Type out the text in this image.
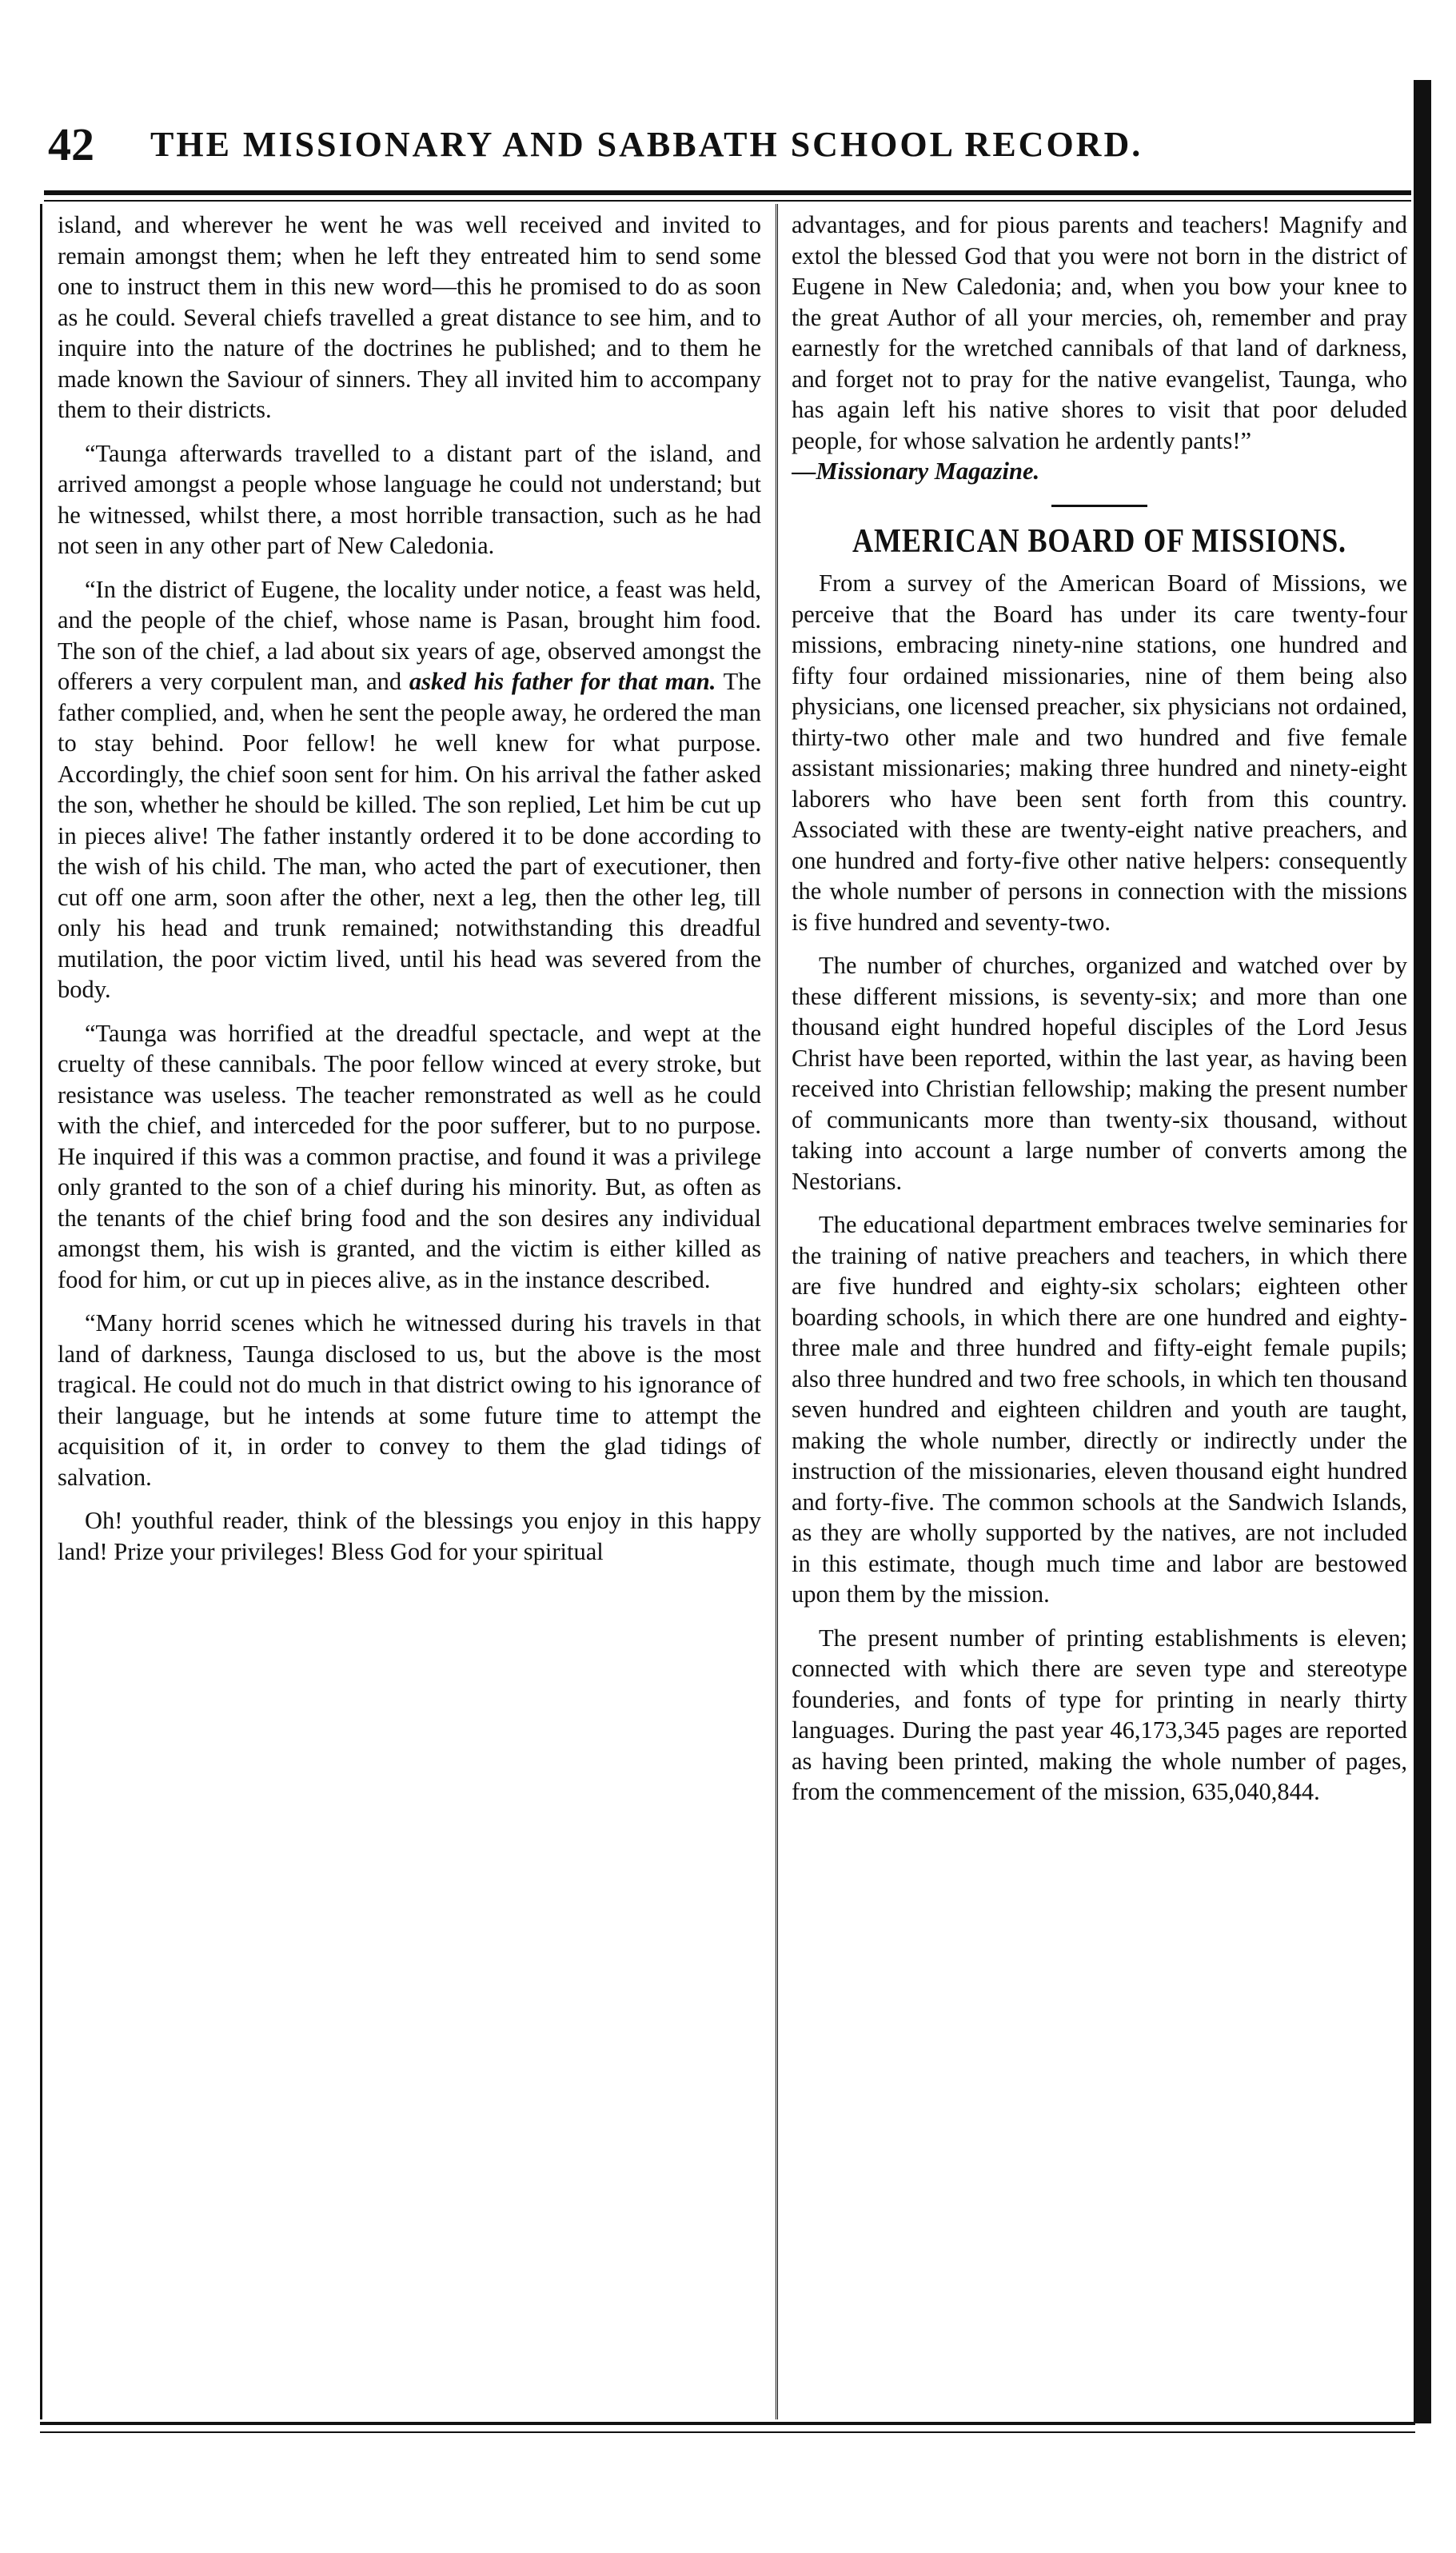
42 THE MISSIONARY AND SABBATH SCHOOL RECORD.

island, and wherever he went he was well received and invited to remain amongst them; when he left they entreated him to send some one to instruct them in this new word—this he promised to do as soon as he could. Several chiefs travelled a great distance to see him, and to inquire into the nature of the doctrines he published; and to them he made known the Saviour of sinners. They all invited him to accompany them to their districts.

“Taunga afterwards travelled to a distant part of the island, and arrived amongst a people whose language he could not understand; but he witnessed, whilst there, a most horrible transaction, such as he had not seen in any other part of New Caledonia.

“In the district of Eugene, the locality under notice, a feast was held, and the people of the chief, whose name is Pasan, brought him food. The son of the chief, a lad about six years of age, observed amongst the offerers a very corpulent man, and asked his father for that man. The father complied, and, when he sent the people away, he ordered the man to stay behind. Poor fellow! he well knew for what purpose. Accordingly, the chief soon sent for him. On his arrival the father asked the son, whether he should be killed. The son replied, Let him be cut up in pieces alive! The father instantly ordered it to be done according to the wish of his child. The man, who acted the part of executioner, then cut off one arm, soon after the other, next a leg, then the other leg, till only his head and trunk remained; notwithstanding this dreadful mutilation, the poor victim lived, until his head was severed from the body.

“Taunga was horrified at the dreadful spectacle, and wept at the cruelty of these cannibals. The poor fellow winced at every stroke, but resistance was useless. The teacher remonstrated as well as he could with the chief, and interceded for the poor sufferer, but to no purpose. He inquired if this was a common practise, and found it was a privilege only granted to the son of a chief during his minority. But, as often as the tenants of the chief bring food and the son desires any individual amongst them, his wish is granted, and the victim is either killed as food for him, or cut up in pieces alive, as in the instance described.

“Many horrid scenes which he witnessed during his travels in that land of darkness, Taunga disclosed to us, but the above is the most tragical. He could not do much in that district owing to his ignorance of their language, but he intends at some future time to attempt the acquisition of it, in order to convey to them the glad tidings of salvation.

Oh! youthful reader, think of the blessings you enjoy in this happy land! Prize your privileges! Bless God for your spiritual

advantages, and for pious parents and teachers! Magnify and extol the blessed God that you were not born in the district of Eugene in New Caledonia; and, when you bow your knee to the great Author of all your mercies, oh, remember and pray earnestly for the wretched cannibals of that land of darkness, and forget not to pray for the native evangelist, Taunga, who has again left his native shores to visit that poor deluded people, for whose salvation he ardently pants!”

—Missionary Magazine.

AMERICAN BOARD OF MISSIONS.

From a survey of the American Board of Missions, we perceive that the Board has under its care twenty-four missions, embracing ninety-nine stations, one hundred and fifty four ordained missionaries, nine of them being also physicians, one licensed preacher, six physicians not ordained, thirty-two other male and two hundred and five female assistant missionaries; making three hundred and ninety-eight laborers who have been sent forth from this country. Associated with these are twenty-eight native preachers, and one hundred and forty-five other native helpers: consequently the whole number of persons in connection with the missions is five hundred and seventy-two.

The number of churches, organized and watched over by these different missions, is seventy-six; and more than one thousand eight hundred hopeful disciples of the Lord Jesus Christ have been reported, within the last year, as having been received into Christian fellowship; making the present number of communicants more than twenty-six thousand, without taking into account a large number of converts among the Nestorians.

The educational department embraces twelve seminaries for the training of native preachers and teachers, in which there are five hundred and eighty-six scholars; eighteen other boarding schools, in which there are one hundred and eighty-three male and three hundred and fifty-eight female pupils; also three hundred and two free schools, in which ten thousand seven hundred and eighteen children and youth are taught, making the whole number, directly or indirectly under the instruction of the missionaries, eleven thousand eight hundred and forty-five. The common schools at the Sandwich Islands, as they are wholly supported by the natives, are not included in this estimate, though much time and labor are bestowed upon them by the mission.

The present number of printing establishments is eleven; connected with which there are seven type and stereotype founderies, and fonts of type for printing in nearly thirty languages. During the past year 46,173,345 pages are reported as having been printed, making the whole number of pages, from the commencement of the mission, 635,040,844.
